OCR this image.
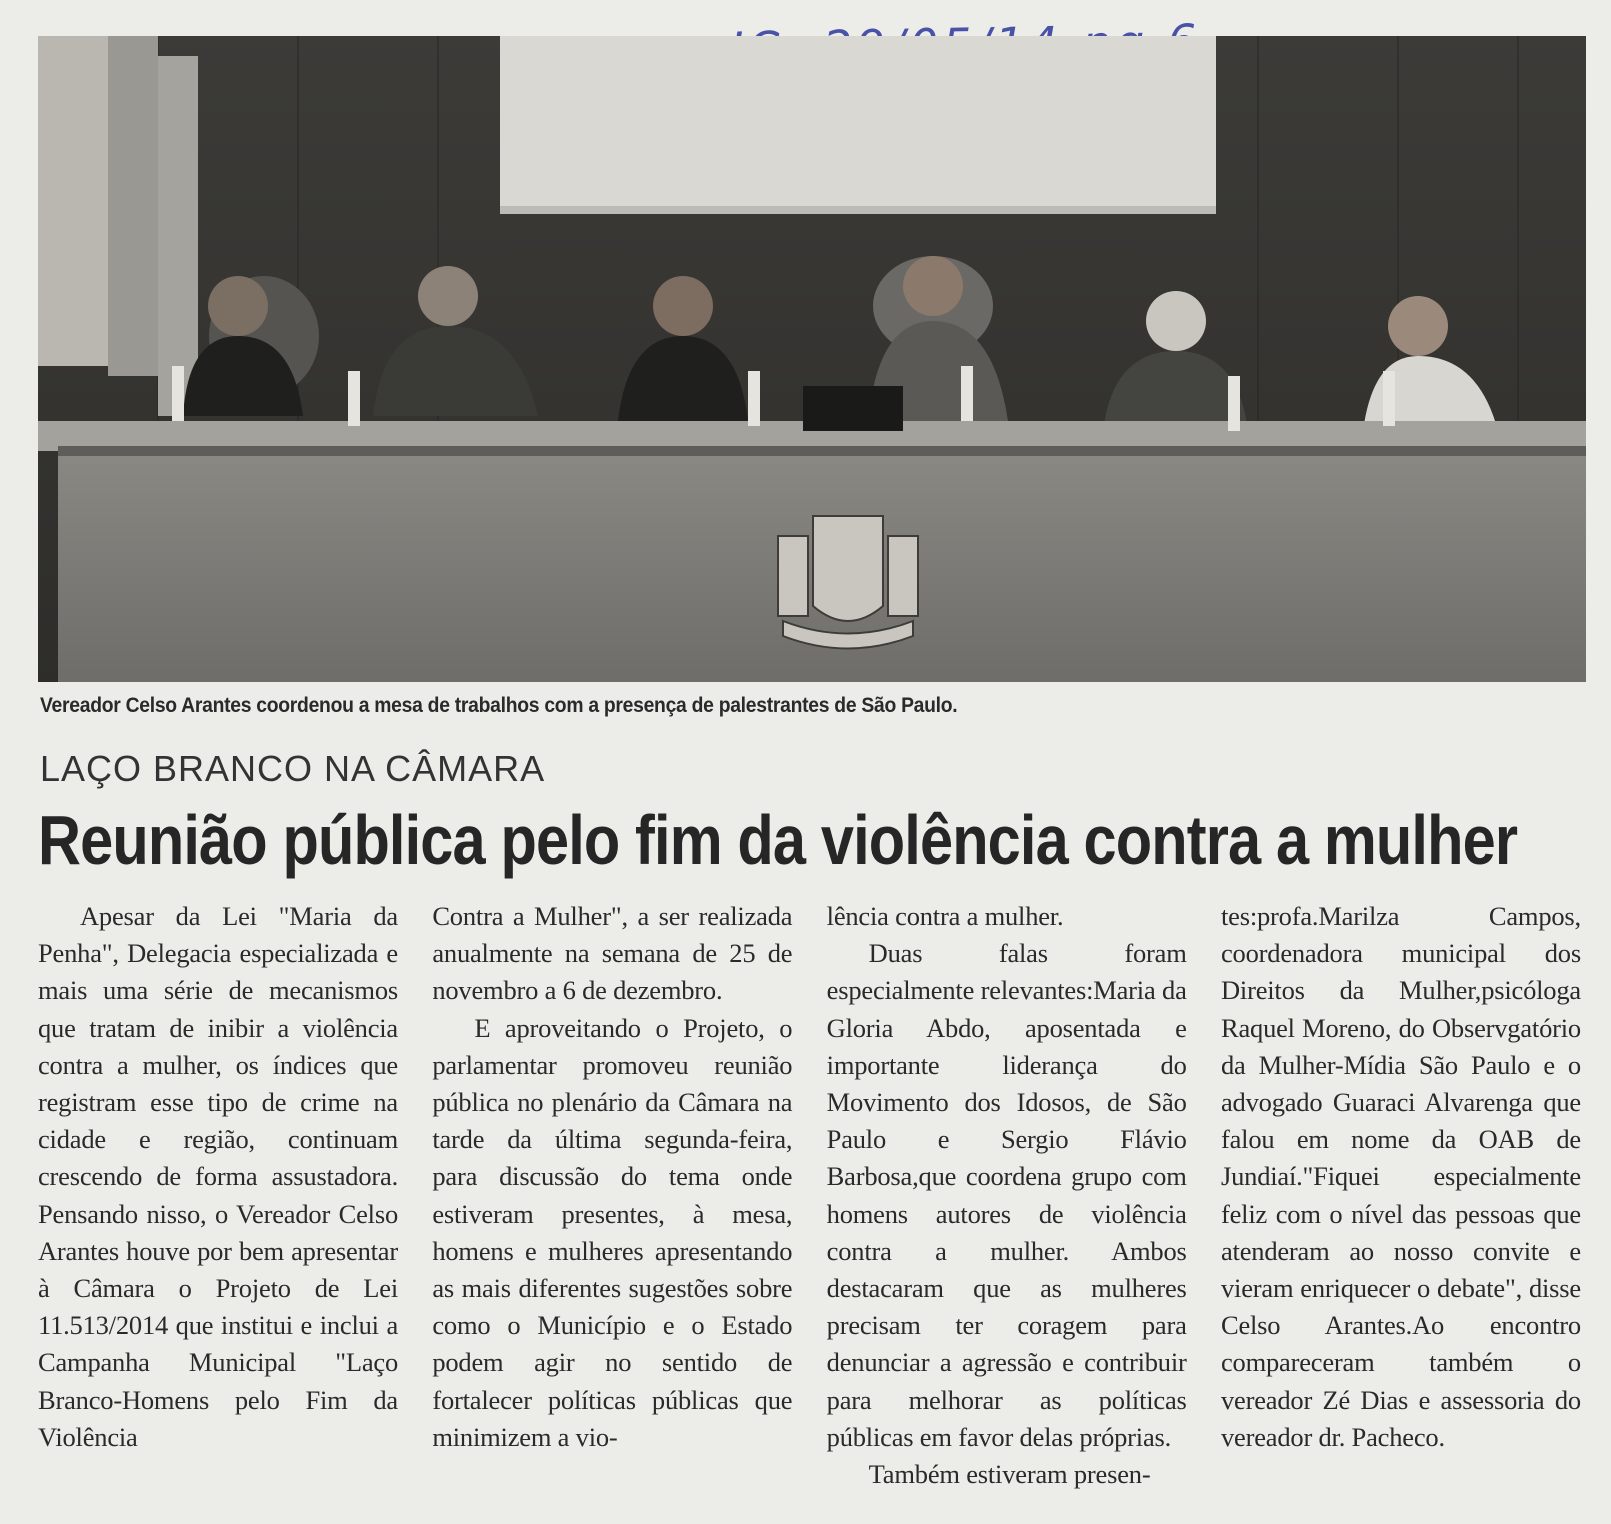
Vereador Celso Arantes coordenou a mesa de trabalhos com a presença de palestrantes de São Paulo.
LAÇO BRANCO NA CÂMARA
Reunião pública pelo fim da violência contra a mulher

Apesar da Lei "Maria da Penha", Delegacia especializada e mais uma série de mecanismos que tratam de inibir a violência contra a mulher, os índices que registram esse tipo de crime na cidade e região, continuam crescendo de forma assustadora. Pensando nisso, o Vereador Celso Arantes houve por bem apresentar à Câmara o Projeto de Lei 11.513/2014 que institui e inclui a Campanha Municipal "Laço Branco-Homens pelo Fim da Violência

Contra a Mulher", a ser realizada anualmente na semana de 25 de novembro a 6 de dezembro.

E aproveitando o Projeto, o parlamentar promoveu reunião pública no plenário da Câmara na tarde da última segunda-feira, para discussão do tema onde estiveram presentes, à mesa, homens e mulheres apresentando as mais diferentes sugestões sobre como o Município e o Estado podem agir no sentido de fortalecer políticas públicas que minimizem a vio-

lência contra a mulher.

Duas falas foram especialmente relevantes:Maria da Gloria Abdo, aposentada e importante liderança do Movimento dos Idosos, de São Paulo e Sergio Flávio Barbosa,que coordena grupo com homens autores de violência contra a mulher. Ambos destacaram que as mulheres precisam ter coragem para denunciar a agressão e contribuir para melhorar as políticas públicas em favor delas próprias.

Também estiveram presen-

tes:profa.Marilza Campos, coordenadora municipal dos Direitos da Mulher,psicóloga Raquel Moreno, do Observgatório da Mulher-Mídia São Paulo e o advogado Guaraci Alvarenga que falou em nome da OAB de Jundiaí."Fiquei especialmente feliz com o nível das pessoas que atenderam ao nosso convite e vieram enriquecer o debate", disse Celso Arantes.Ao encontro compareceram também o vereador Zé Dias e assessoria do vereador dr. Pacheco.
